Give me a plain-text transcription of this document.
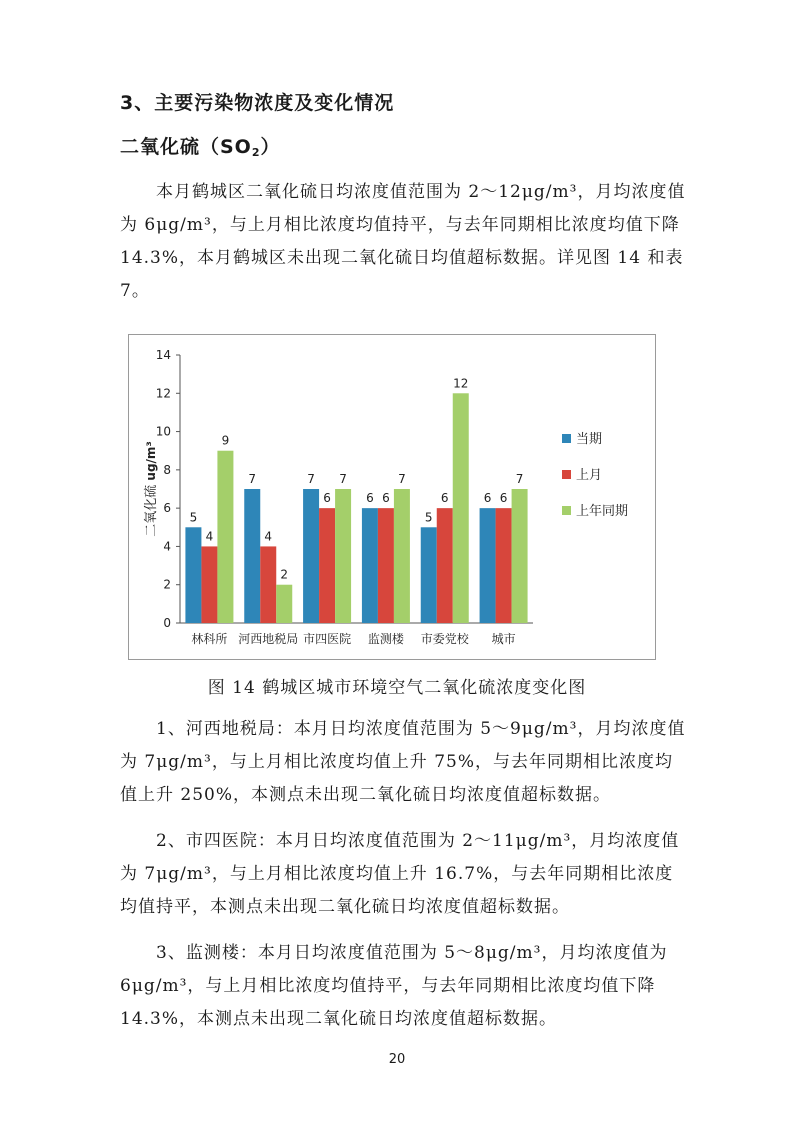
3、主要污染物浓度及变化情况
二氧化硫（SO2）
本月鹤城区二氧化硫日均浓度值范围为 2～12μg/m³，月均浓度值为 6μg/m³，与上月相比浓度均值持平，与去年同期相比浓度均值下降 14.3%，本月鹤城区未出现二氧化硫日均值超标数据。详见图 14 和表 7。
0
2
4
6
8
10
12
14
二氧化硫 ug/m³
5
4
9
林科所
7
4
2
河西地税局
7
6
7
市四医院
6 6
7
监测楼
5
6
12
市委党校
6 6
7
城市
当期
上月
上年同期
图 14 鹤城区城市环境空气二氧化硫浓度变化图
1、河西地税局：本月日均浓度值范围为 5～9μg/m³，月均浓度值为 7μg/m³，与上月相比浓度均值上升 75%，与去年同期相比浓度均值上升 250%，本测点未出现二氧化硫日均浓度值超标数据。
2、市四医院：本月日均浓度值范围为 2～11μg/m³，月均浓度值为 7μg/m³，与上月相比浓度均值上升 16.7%，与去年同期相比浓度均值持平，本测点未出现二氧化硫日均浓度值超标数据。
3、监测楼：本月日均浓度值范围为 5～8μg/m³，月均浓度值为 6μg/m³，与上月相比浓度均值持平，与去年同期相比浓度均值下降 14.3%，本测点未出现二氧化硫日均浓度值超标数据。
20
